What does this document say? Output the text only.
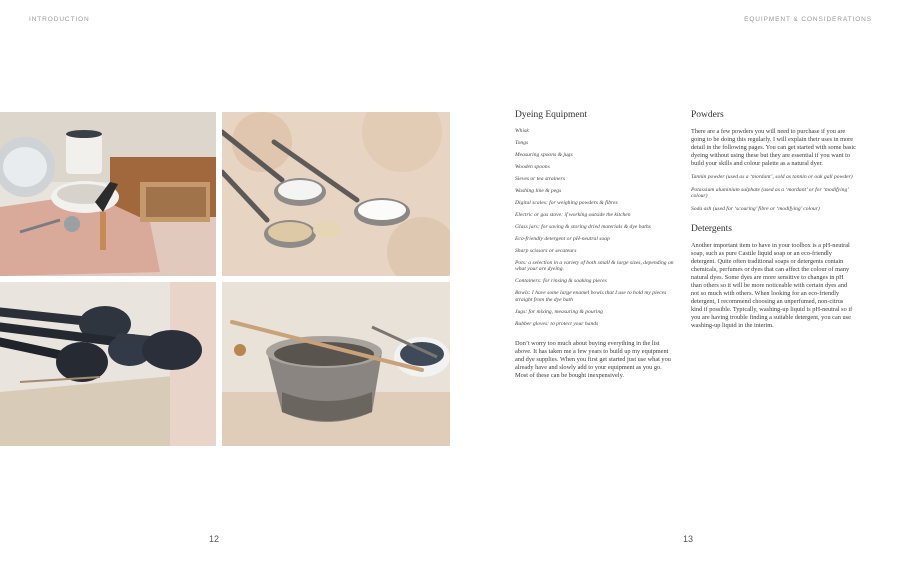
INTRODUCTION	EQUIPMENT & CONSIDERATIONS
12	13
Dyeing Equipment
Whisk
Tongs
Measuring spoons & jugs
Wooden spoons
Sieves or tea strainers
Washing line & pegs
Digital scales: for weighing powders & fibres
Electric or gas stove: if working outside the kitchen
Glass jars: for saving & storing dried materials & dye baths
Eco-friendly detergent or pH-neutral soap
Sharp scissors or secateurs
Pots: a selection in a variety of both small & large sizes, depending on what your are dyeing.
Containers: for rinsing & soaking pieces
Bowls: I have some large enamel bowls that I use to hold my pieces straight from the dye bath
Jugs: for mixing, measuring & pouring
Rubber gloves: to protect your hands

Don’t worry too much about buying everything in the list above. It has taken me a few years to build up my equipment and dye supplies. When you first get started just use what you already have and slowly add to your equipment as you go. Most of these can be bought inexpensively.

Powders

There are a few powders you will need to purchase if you are going to be doing this regularly. I will explain their uses in more detail in the following pages. You can get started with some basic dyeing without using these but they are essential if you want to build your skills and colour palette as a natural dyer.

Tannin powder (used as a ‘mordant’, sold as tannin or oak gall powder)
Potassium aluminium sulphate (used as a ‘mordant’ or for ‘modifying’ colour)
Soda ash (used for ‘scouring’ fibre or ‘modifying’ colour)
Detergents

Another important item to have in your toolbox is a pH-neutral soap, such as pure Castile liquid soap or an eco-friendly detergent. Quite often traditional soaps or detergents contain chemicals, perfumes or dyes that can affect the colour of many natural dyes. Some dyes are more sensitive to changes in pH than others so it will be more noticeable with certain dyes and not so much with others. When looking for an eco-friendly detergent, I recommend choosing an unperfumed, non-citrus kind if possible. Typically, washing-up liquid is pH-neutral so if you are having trouble finding a suitable detergent, you can use washing-up liquid in the interim.
